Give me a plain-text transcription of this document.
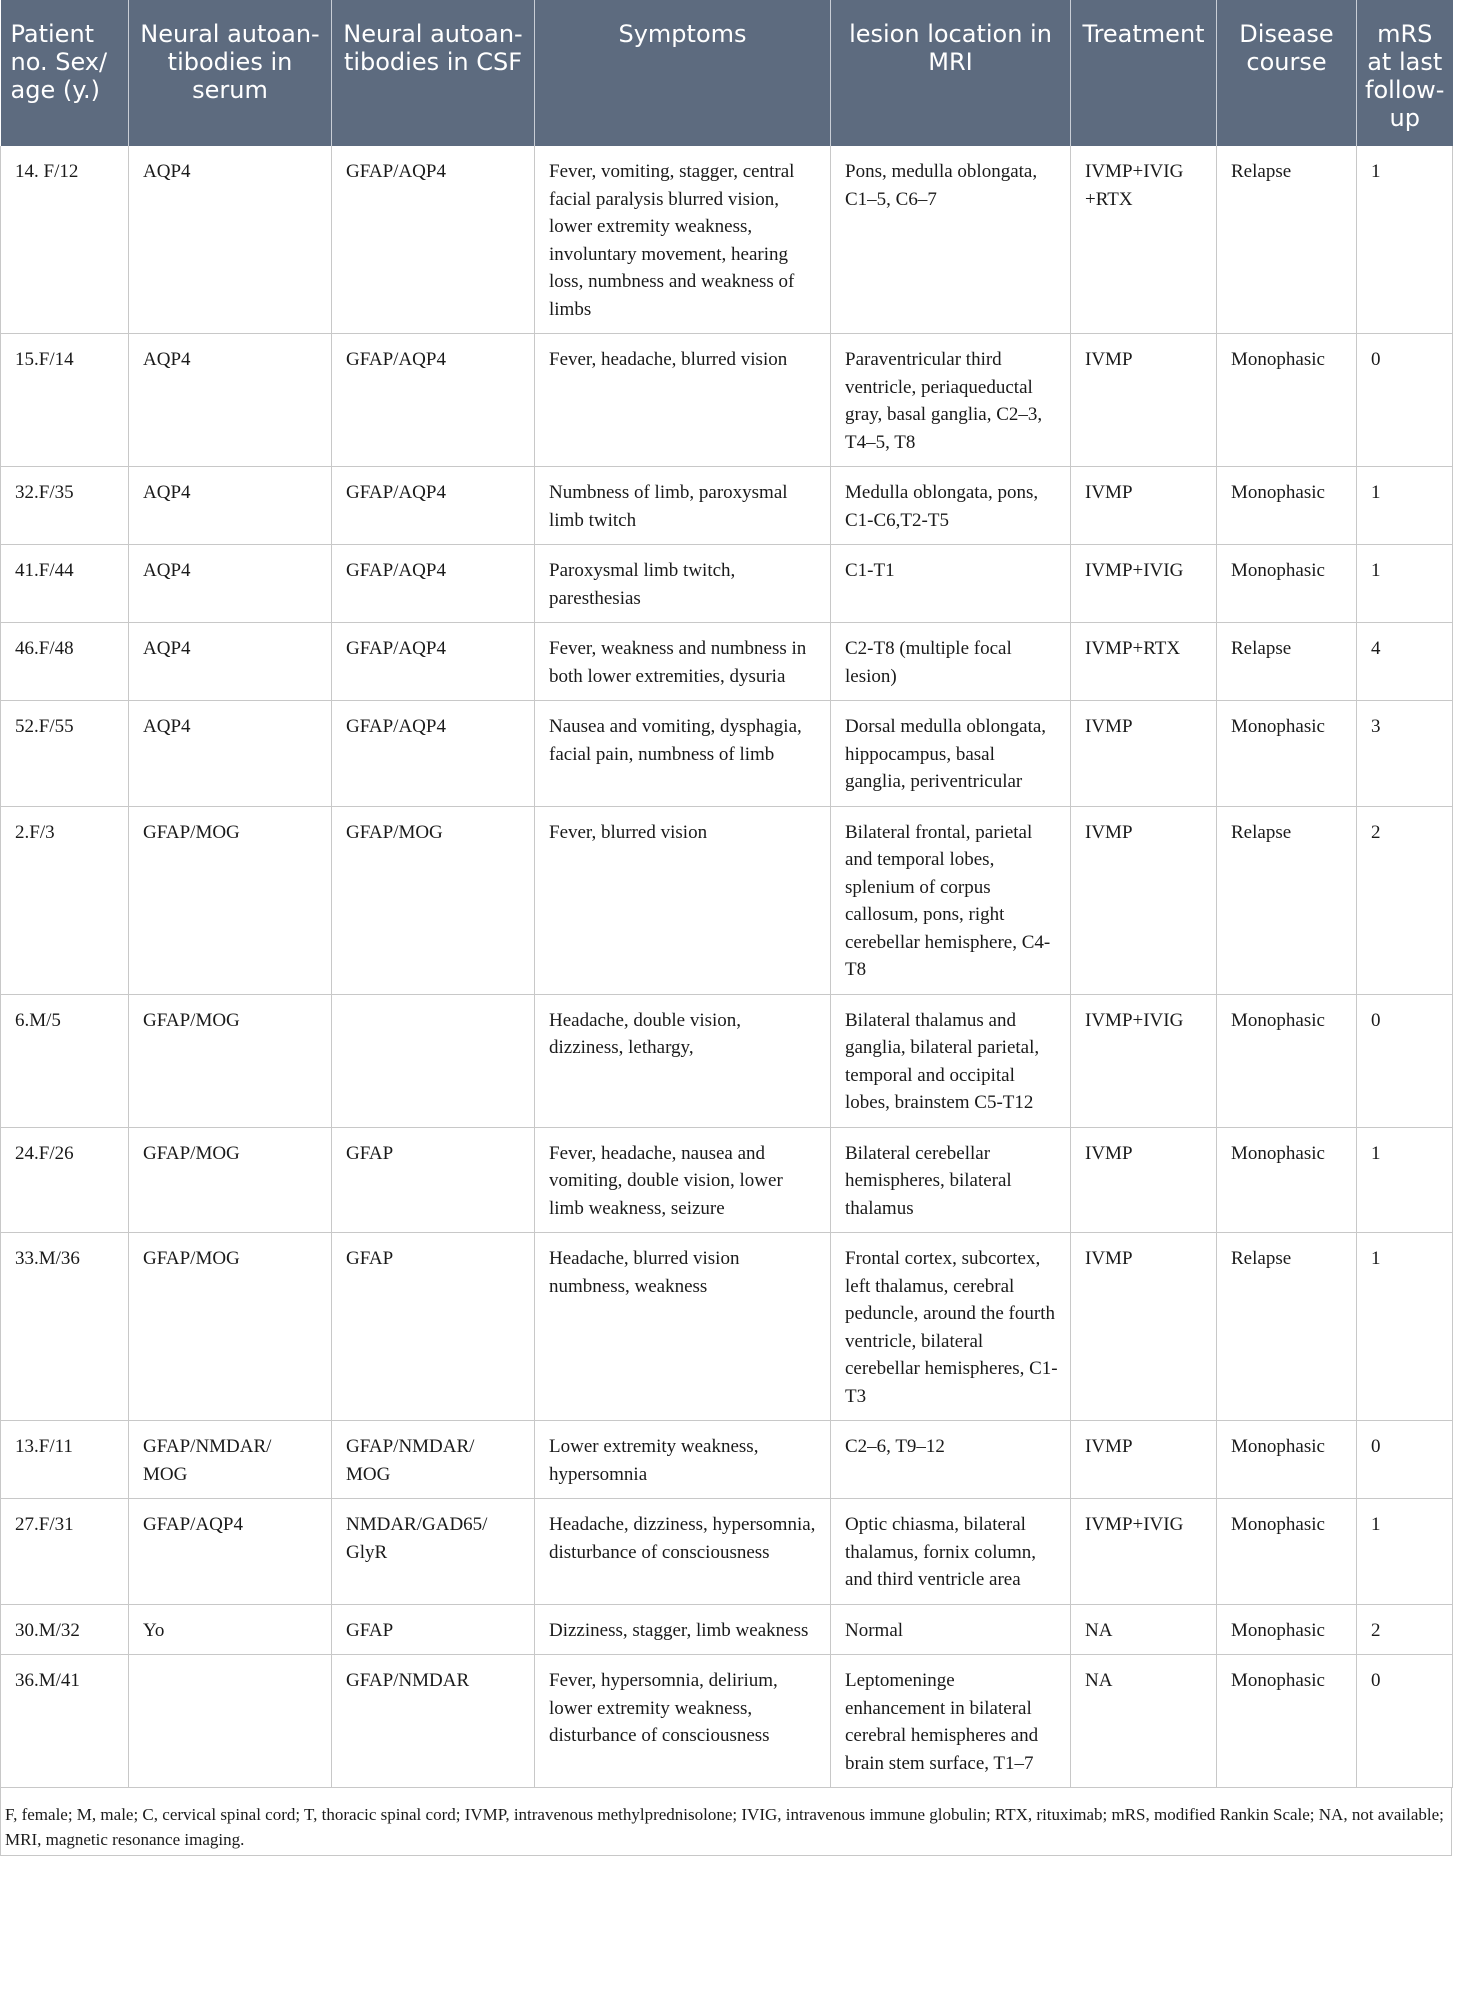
Patient no. Sex/ age (y.)	Neural autoan- tibodies in serum	Neural autoan- tibodies in CSF	Symptoms	lesion location in MRI	Treatment	Disease course	mRS at last follow- up
14. F/12	AQP4	GFAP/AQP4	Fever, vomiting, stagger, central facial paralysis blurred vision, lower extremity weakness, involuntary movement, hearing loss, numbness and weakness of limbs	Pons, medulla oblongata, C1–5, C6–7	IVMP+IVIG +RTX	Relapse	1
15.F/14	AQP4	GFAP/AQP4	Fever, headache, blurred vision	Paraventricular third ventricle, periaqueductal gray, basal ganglia, C2–3, T4–5, T8	IVMP	Monophasic	0
32.F/35	AQP4	GFAP/AQP4	Numbness of limb, paroxysmal limb twitch	Medulla oblongata, pons, C1-C6,T2-T5	IVMP	Monophasic	1
41.F/44	AQP4	GFAP/AQP4	Paroxysmal limb twitch, paresthesias	C1-T1	IVMP+IVIG	Monophasic	1
46.F/48	AQP4	GFAP/AQP4	Fever, weakness and numbness in both lower extremities, dysuria	C2-T8 (multiple focal lesion)	IVMP+RTX	Relapse	4
52.F/55	AQP4	GFAP/AQP4	Nausea and vomiting, dysphagia, facial pain, numbness of limb	Dorsal medulla oblongata, hippocampus, basal ganglia, periventricular	IVMP	Monophasic	3
2.F/3	GFAP/MOG	GFAP/MOG	Fever, blurred vision	Bilateral frontal, parietal and temporal lobes, splenium of corpus callosum, pons, right cerebellar hemisphere, C4-T8	IVMP	Relapse	2
6.M/5	GFAP/MOG		Headache, double vision, dizziness, lethargy,	Bilateral thalamus and ganglia, bilateral parietal, temporal and occipital lobes, brainstem C5-T12	IVMP+IVIG	Monophasic	0
24.F/26	GFAP/MOG	GFAP	Fever, headache, nausea and vomiting, double vision, lower limb weakness, seizure	Bilateral cerebellar hemispheres, bilateral thalamus	IVMP	Monophasic	1
33.M/36	GFAP/MOG	GFAP	Headache, blurred vision numbness, weakness	Frontal cortex, subcortex, left thalamus, cerebral peduncle, around the fourth ventricle, bilateral cerebellar hemispheres, C1-T3	IVMP	Relapse	1
13.F/11	GFAP/NMDAR/ MOG	GFAP/NMDAR/ MOG	Lower extremity weakness, hypersomnia	C2–6, T9–12	IVMP	Monophasic	0
27.F/31	GFAP/AQP4	NMDAR/GAD65/ GlyR	Headache, dizziness, hypersomnia, disturbance of consciousness	Optic chiasma, bilateral thalamus, fornix column, and third ventricle area	IVMP+IVIG	Monophasic	1
30.M/32	Yo	GFAP	Dizziness, stagger, limb weakness	Normal	NA	Monophasic	2
36.M/41		GFAP/NMDAR	Fever, hypersomnia, delirium, lower extremity weakness, disturbance of consciousness	Leptomeninge enhancement in bilateral cerebral hemispheres and brain stem surface, T1–7	NA	Monophasic	0
F, female; M, male; C, cervical spinal cord; T, thoracic spinal cord; IVMP, intravenous methylprednisolone; IVIG, intravenous immune globulin; RTX, rituximab; mRS, modified Rankin Scale; NA, not available; MRI, magnetic resonance imaging.
